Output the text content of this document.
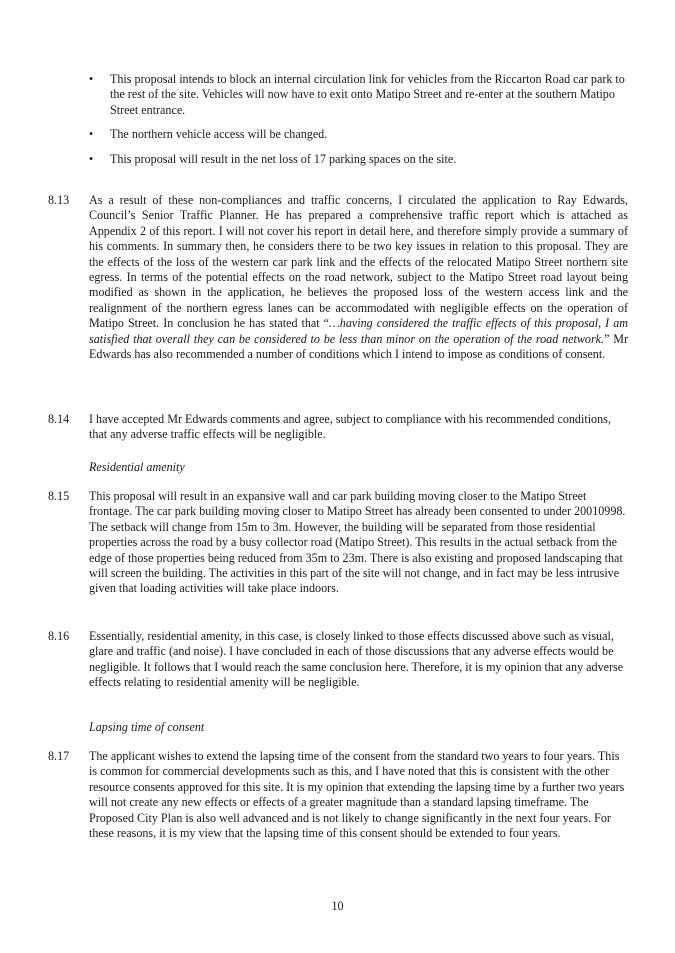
• This proposal intends to block an internal circulation link for vehicles from the Riccarton Road car park to the rest of the site. Vehicles will now have to exit onto Matipo Street and re-enter at the southern Matipo Street entrance.
• The northern vehicle access will be changed.
• This proposal will result in the net loss of 17 parking spaces on the site.
8.13 As a result of these non-compliances and traffic concerns, I circulated the application to Ray Edwards, Council’s Senior Traffic Planner. He has prepared a comprehensive traffic report which is attached as Appendix 2 of this report. I will not cover his report in detail here, and therefore simply provide a summary of his comments. In summary then, he considers there to be two key issues in relation to this proposal. They are the effects of the loss of the western car park link and the effects of the relocated Matipo Street northern site egress. In terms of the potential effects on the road network, subject to the Matipo Street road layout being modified as shown in the application, he believes the proposed loss of the western access link and the realignment of the northern egress lanes can be accommodated with negligible effects on the operation of Matipo Street. In conclusion he has stated that “…having considered the traffic effects of this proposal, I am satisfied that overall they can be considered to be less than minor on the operation of the road network.” Mr Edwards has also recommended a number of conditions which I intend to impose as conditions of consent.
8.14 I have accepted Mr Edwards comments and agree, subject to compliance with his recommended conditions, that any adverse traffic effects will be negligible.
Residential amenity
8.15 This proposal will result in an expansive wall and car park building moving closer to the Matipo Street frontage. The car park building moving closer to Matipo Street has already been consented to under 20010998. The setback will change from 15m to 3m. However, the building will be separated from those residential properties across the road by a busy collector road (Matipo Street). This results in the actual setback from the edge of those properties being reduced from 35m to 23m. There is also existing and proposed landscaping that will screen the building. The activities in this part of the site will not change, and in fact may be less intrusive given that loading activities will take place indoors.
8.16 Essentially, residential amenity, in this case, is closely linked to those effects discussed above such as visual, glare and traffic (and noise). I have concluded in each of those discussions that any adverse effects would be negligible. It follows that I would reach the same conclusion here. Therefore, it is my opinion that any adverse effects relating to residential amenity will be negligible.
Lapsing time of consent
8.17 The applicant wishes to extend the lapsing time of the consent from the standard two years to four years. This is common for commercial developments such as this, and I have noted that this is consistent with the other resource consents approved for this site. It is my opinion that extending the lapsing time by a further two years will not create any new effects or effects of a greater magnitude than a standard lapsing timeframe. The Proposed City Plan is also well advanced and is not likely to change significantly in the next four years. For these reasons, it is my view that the lapsing time of this consent should be extended to four years.
10
